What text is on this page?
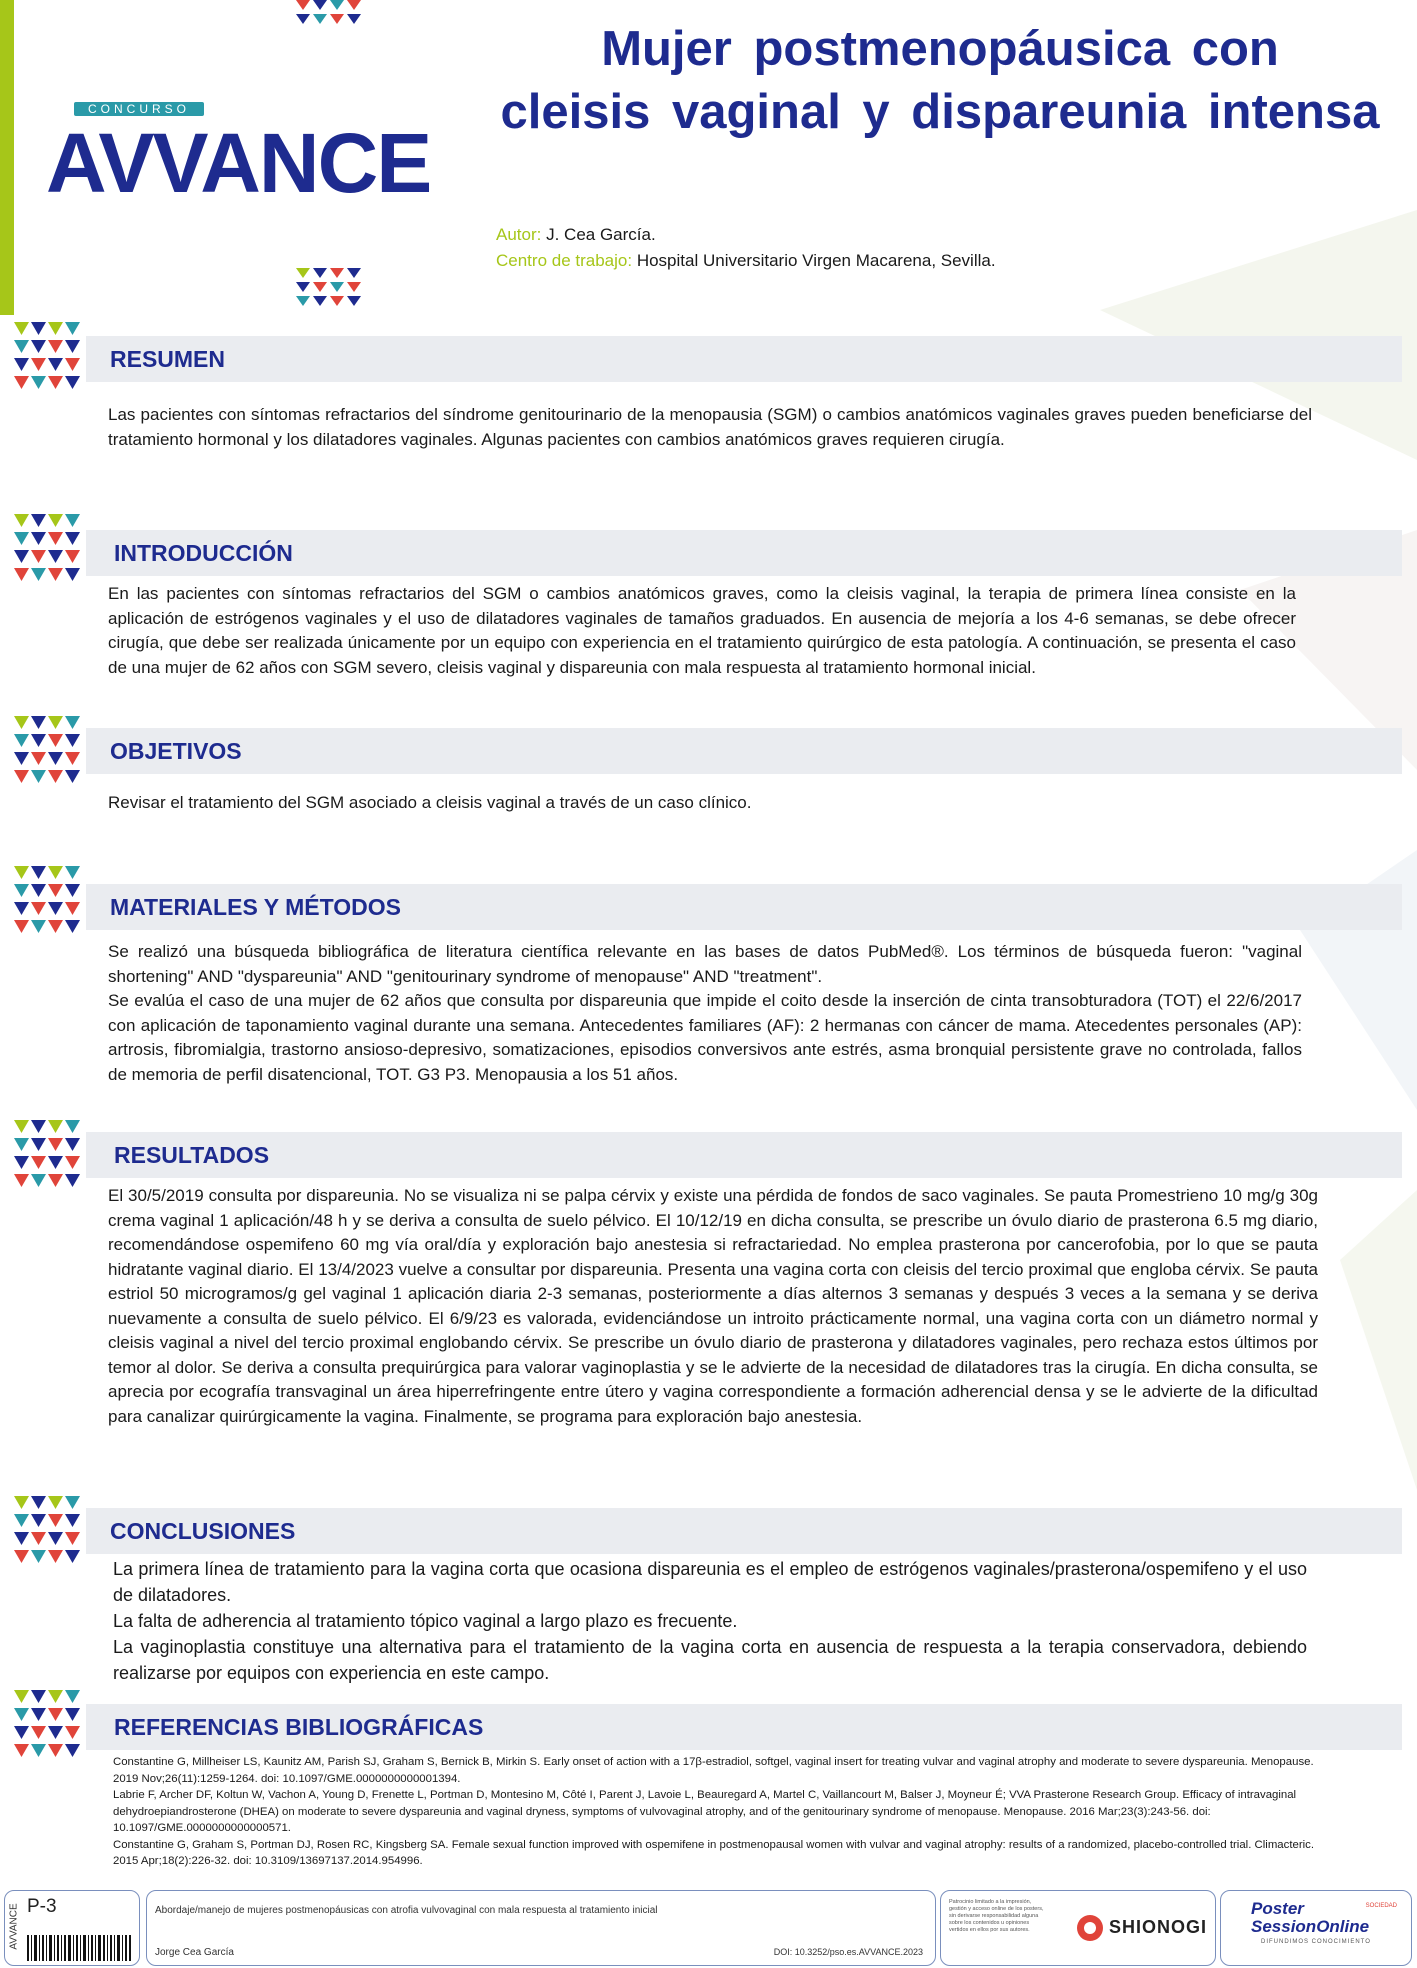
CONCURSO
AVVANCE
Mujer postmenopáusica con
cleisis vaginal y dispareunia intensa
Autor: J. Cea García.
Centro de trabajo: Hospital Universitario Virgen Macarena, Sevilla.
RESUMEN

Las pacientes con síntomas refractarios del síndrome genitourinario de la menopausia (SGM) o cambios anatómicos vaginales graves pueden beneficiarse del tratamiento hormonal y los dilatadores vaginales. Algunas pacientes con cambios anatómicos graves requieren cirugía.

INTRODUCCIÓN

En las pacientes con síntomas refractarios del SGM o cambios anatómicos graves, como la cleisis vaginal, la terapia de primera línea consiste en la aplicación de estrógenos vaginales y el uso de dilatadores vaginales de tamaños graduados. En ausencia de mejoría a los 4-6 semanas, se debe ofrecer cirugía, que debe ser realizada únicamente por un equipo con experiencia en el tratamiento quirúrgico de esta patología. A continuación, se presenta el caso de una mujer de 62 años con SGM severo, cleisis vaginal y dispareunia con mala respuesta al tratamiento hormonal inicial.

OBJETIVOS

Revisar el tratamiento del SGM asociado a cleisis vaginal a través de un caso clínico.

MATERIALES Y MÉTODOS

Se realizó una búsqueda bibliográfica de literatura científica relevante en las bases de datos PubMed®. Los términos de búsqueda fueron: "vaginal shortening" AND "dyspareunia" AND "genitourinary syndrome of menopause" AND "treatment".

Se evalúa el caso de una mujer de 62 años que consulta por dispareunia que impide el coito desde la inserción de cinta transobturadora (TOT) el 22/6/2017 con aplicación de taponamiento vaginal durante una semana. Antecedentes familiares (AF): 2 hermanas con cáncer de mama. Atecedentes personales (AP): artrosis, fibromialgia, trastorno ansioso-depresivo, somatizaciones, episodios conversivos ante estrés, asma bronquial persistente grave no controlada, fallos de memoria de perfil disatencional, TOT. G3 P3. Menopausia a los 51 años.

RESULTADOS

El 30/5/2019 consulta por dispareunia. No se visualiza ni se palpa cérvix y existe una pérdida de fondos de saco vaginales. Se pauta Promestrieno 10 mg/g 30g crema vaginal 1 aplicación/48 h y se deriva a consulta de suelo pélvico. El 10/12/19 en dicha consulta, se prescribe un óvulo diario de prasterona 6.5 mg diario, recomendándose ospemifeno 60 mg vía oral/día y exploración bajo anestesia si refractariedad. No emplea prasterona por cancerofobia, por lo que se pauta hidratante vaginal diario. El 13/4/2023 vuelve a consultar por dispareunia. Presenta una vagina corta con cleisis del tercio proximal que engloba cérvix. Se pauta estriol 50 microgramos/g gel vaginal 1 aplicación diaria 2-3 semanas, posteriormente a días alternos 3 semanas y después 3 veces a la semana y se deriva nuevamente a consulta de suelo pélvico. El 6/9/23 es valorada, evidenciándose un introito prácticamente normal, una vagina corta con un diámetro normal y cleisis vaginal a nivel del tercio proximal englobando cérvix. Se prescribe un óvulo diario de prasterona y dilatadores vaginales, pero rechaza estos últimos por temor al dolor. Se deriva a consulta prequirúrgica para valorar vaginoplastia y se le advierte de la necesidad de dilatadores tras la cirugía. En dicha consulta, se aprecia por ecografía transvaginal un área hiperrefringente entre útero y vagina correspondiente a formación adherencial densa y se le advierte de la dificultad para canalizar quirúrgicamente la vagina. Finalmente, se programa para exploración bajo anestesia.

CONCLUSIONES

La primera línea de tratamiento para la vagina corta que ocasiona dispareunia es el empleo de estrógenos vaginales/prasterona/ospemifeno y el uso de dilatadores.

La falta de adherencia al tratamiento tópico vaginal a largo plazo es frecuente.

La vaginoplastia constituye una alternativa para el tratamiento de la vagina corta en ausencia de respuesta a la terapia conservadora, debiendo realizarse por equipos con experiencia en este campo.

REFERENCIAS BIBLIOGRÁFICAS

Constantine G, Millheiser LS, Kaunitz AM, Parish SJ, Graham S, Bernick B, Mirkin S. Early onset of action with a 17β-estradiol, softgel, vaginal insert for treating vulvar and vaginal atrophy and moderate to severe dyspareunia. Menopause. 2019 Nov;26(11):1259-1264. doi: 10.1097/GME.0000000000001394.

Labrie F, Archer DF, Koltun W, Vachon A, Young D, Frenette L, Portman D, Montesino M, Côté I, Parent J, Lavoie L, Beauregard A, Martel C, Vaillancourt M, Balser J, Moyneur É; VVA Prasterone Research Group. Efficacy of intravaginal dehydroepiandrosterone (DHEA) on moderate to severe dyspareunia and vaginal dryness, symptoms of vulvovaginal atrophy, and of the genitourinary syndrome of menopause. Menopause. 2016 Mar;23(3):243-56. doi: 10.1097/GME.0000000000000571.

Constantine G, Graham S, Portman DJ, Rosen RC, Kingsberg SA. Female sexual function improved with ospemifene in postmenopausal women with vulvar and vaginal atrophy: results of a randomized, placebo-controlled trial. Climacteric. 2015 Apr;18(2):226-32. doi: 10.3109/13697137.2014.954996.

AVVANCE P-3	Abordaje/manejo de mujeres postmenopáusicas con atrofia vulvovaginal con mala respuesta al tratamiento inicial
Jorge Cea García	DOI: 10.3252/pso.es.AVVANCE.2023
Patrocinio limitado a la impresión, gestión y acceso online de los posters, sin derivarse responsabilidad alguna sobre los contenidos u opiniones vertidos en ellos por sus autores.	SHIONOGI
Poster	SOCIEDAD
SessionOnline
DIFUNDIMOS CONOCIMIENTO
